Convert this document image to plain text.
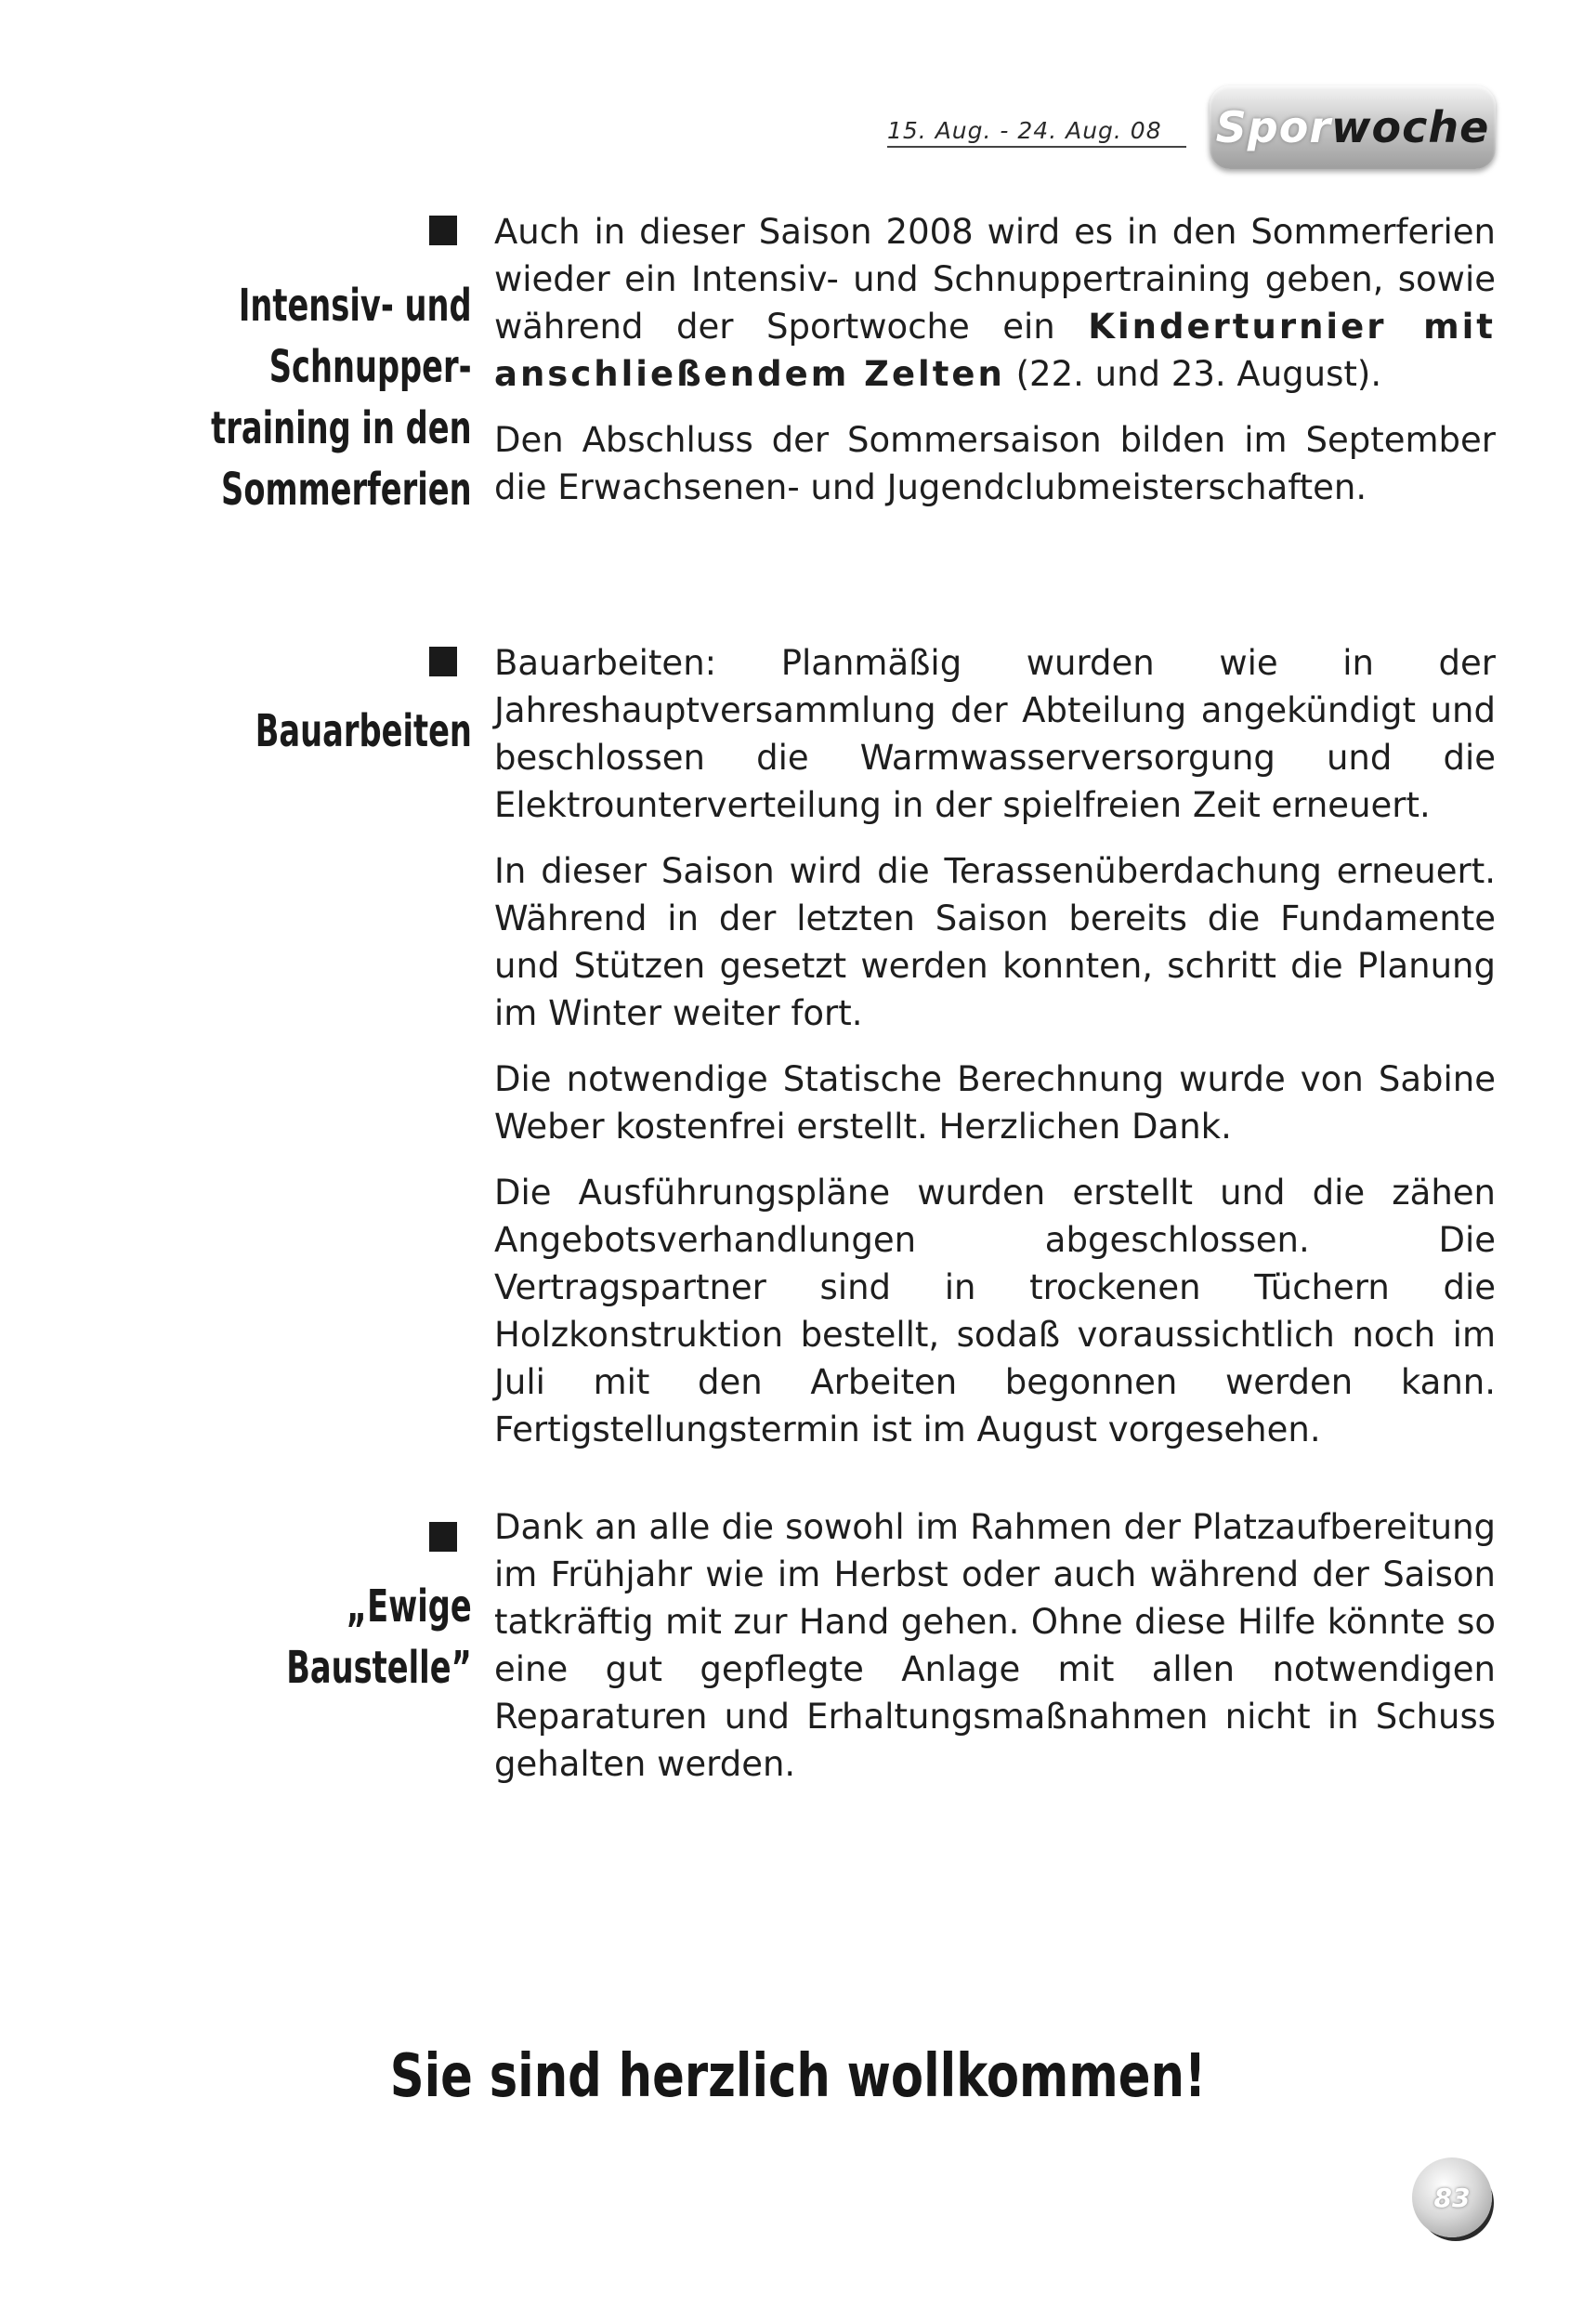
15. Aug. - 24. Aug. 08	Spor woche
Intensiv- und
Schnupper-
training in den
Sommerferien

Auch in dieser Saison 2008 wird es in den Sommerferien wieder ein Intensiv- und Schnuppertraining geben, sowie während der Sportwoche ein Kinderturnier mit anschließendem Zelten (22. und 23. August).

Den Abschluss der Sommersaison bilden im September die Erwachsenen- und Jugendclubmeisterschaften.

Bauarbeiten

Bauarbeiten: Planmäßig wurden wie in der Jahreshauptversammlung der Abteilung angekündigt und beschlossen die Warmwasserversorgung und die Elektrounterverteilung in der spielfreien Zeit erneuert.

In dieser Saison wird die Terassenüberdachung erneuert. Während in der letzten Saison bereits die Fundamente und Stützen gesetzt werden konnten, schritt die Planung im Winter weiter fort.

Die notwendige Statische Berechnung wurde von Sabine Weber kostenfrei erstellt. Herzlichen Dank.

Die Ausführungspläne wurden erstellt und die zähen Angebotsverhandlungen abgeschlossen. Die Vertragspartner sind in trockenen Tüchern die Holzkonstruktion bestellt, sodaß voraussichtlich noch im Juli mit den Arbeiten begonnen werden kann. Fertigstellungstermin ist im August vorgesehen.

„Ewige
Baustelle”

Dank an alle die sowohl im Rahmen der Platzaufbereitung im Frühjahr wie im Herbst oder auch während der Saison tatkräftig mit zur Hand gehen. Ohne diese Hilfe könnte so eine gut gepflegte Anlage mit allen notwendigen Reparaturen und Erhaltungsmaßnahmen nicht in Schuss gehalten werden.

Sie sind herzlich wollkommen!
83
